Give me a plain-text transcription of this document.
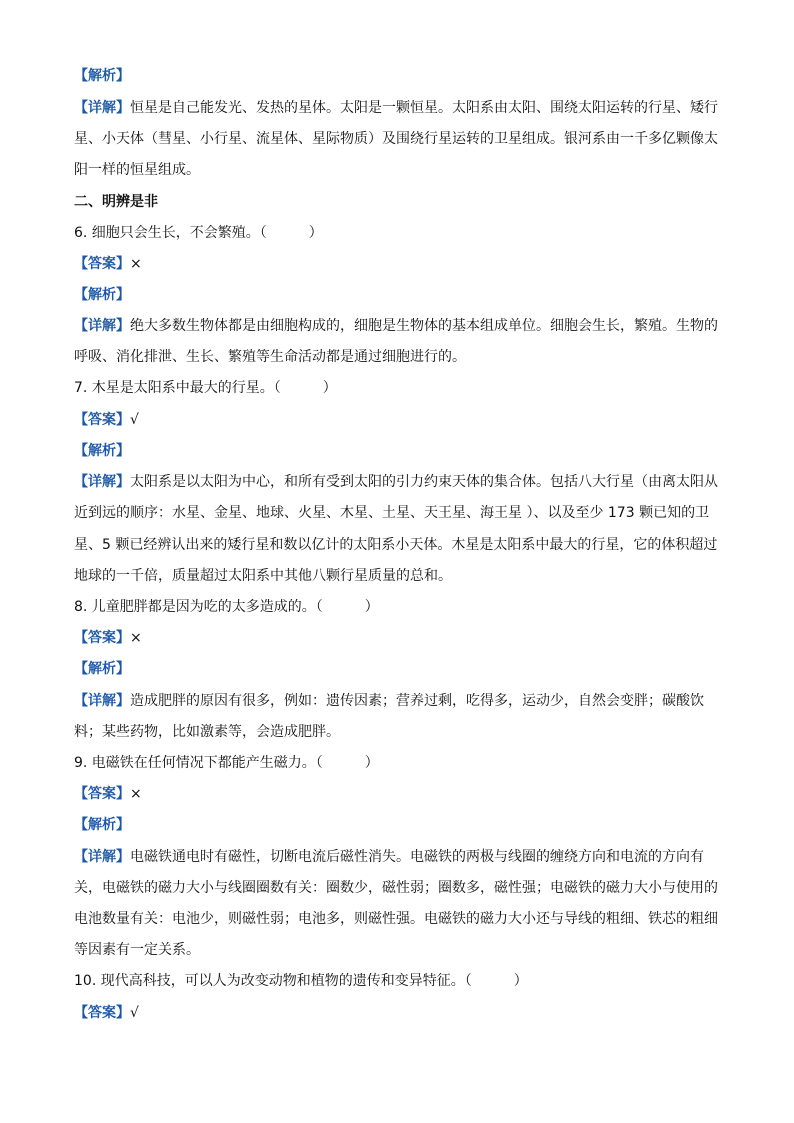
【解析】
【详解】恒星是自己能发光、发热的星体。太阳是一颗恒星。太阳系由太阳、围绕太阳运转的行星、矮行
星、小天体（彗星、小行星、流星体、星际物质）及围绕行星运转的卫星组成。银河系由一千多亿颗像太
阳一样的恒星组成。
二、明辨是非
6. 细胞只会生长，不会繁殖。（　　　）
【答案】×
【解析】
【详解】绝大多数生物体都是由细胞构成的，细胞是生物体的基本组成单位。细胞会生长，繁殖。生物的
呼吸、消化排泄、生长、繁殖等生命活动都是通过细胞进行的。
7. 木星是太阳系中最大的行星。（　　　）
【答案】√
【解析】
【详解】太阳系是以太阳为中心，和所有受到太阳的引力约束天体的集合体。包括八大行星（由离太阳从
近到远的顺序：水星、金星、地球、火星、木星、土星、天王星、海王星 ）、以及至少 173 颗已知的卫
星、5 颗已经辨认出来的矮行星和数以亿计的太阳系小天体。木星是太阳系中最大的行星，它的体积超过
地球的一千倍，质量超过太阳系中其他八颗行星质量的总和。
8. 儿童肥胖都是因为吃的太多造成的。（　　　）
【答案】×
【解析】
【详解】造成肥胖的原因有很多，例如：遗传因素；营养过剩，吃得多，运动少，自然会变胖；碳酸饮
料；某些药物，比如激素等，会造成肥胖。
9. 电磁铁在任何情况下都能产生磁力。（　　　）
【答案】×
【解析】
【详解】电磁铁通电时有磁性，切断电流后磁性消失。电磁铁的两极与线圈的缠绕方向和电流的方向有
关，电磁铁的磁力大小与线圈圈数有关：圈数少，磁性弱；圈数多，磁性强；电磁铁的磁力大小与使用的
电池数量有关：电池少，则磁性弱；电池多，则磁性强。电磁铁的磁力大小还与导线的粗细、铁芯的粗细
等因素有一定关系。
10. 现代高科技，可以人为改变动物和植物的遗传和变异特征。（　　　）
【答案】√
